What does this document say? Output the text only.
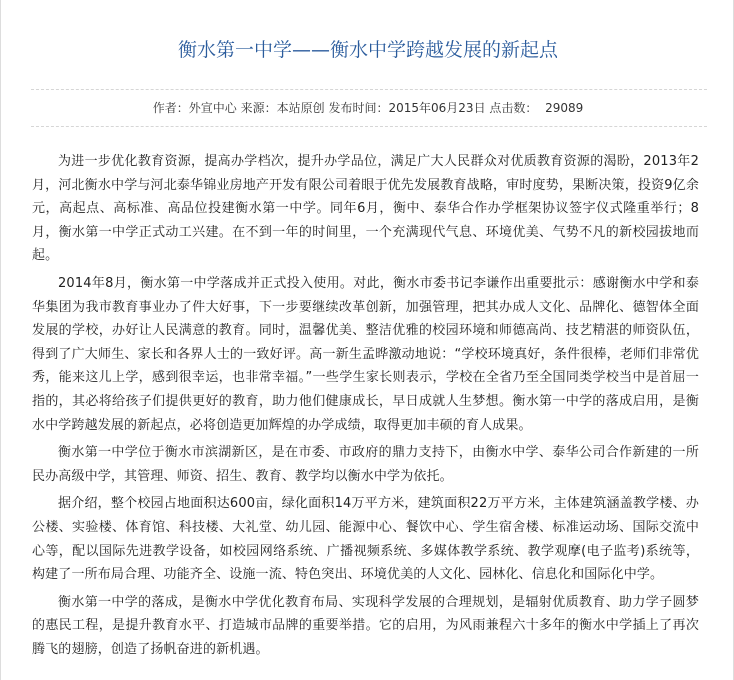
衡水第一中学——衡水中学跨越发展的新起点
作者：外宣中心 来源：本站原创 发布时间：2015年06月23日 点击数： 29089

为进一步优化教育资源，提高办学档次，提升办学品位，满足广大人民群众对优质教育资源的渴盼，2013年2月，河北衡水中学与河北泰华锦业房地产开发有限公司着眼于优先发展教育战略，审时度势，果断决策，投资9亿余元，高起点、高标准、高品位投建衡水第一中学。同年6月，衡中、泰华合作办学框架协议签字仪式隆重举行；8月，衡水第一中学正式动工兴建。在不到一年的时间里，一个充满现代气息、环境优美、气势不凡的新校园拔地而起。

2014年8月，衡水第一中学落成并正式投入使用。对此，衡水市委书记李谦作出重要批示：感谢衡水中学和泰华集团为我市教育事业办了件大好事，下一步要继续改革创新，加强管理，把其办成人文化、品牌化、德智体全面发展的学校，办好让人民满意的教育。同时，温馨优美、整洁优雅的校园环境和师德高尚、技艺精湛的师资队伍，得到了广大师生、家长和各界人士的一致好评。高一新生孟晔激动地说：“学校环境真好，条件很棒，老师们非常优秀，能来这儿上学，感到很幸运，也非常幸福。”一些学生家长则表示，学校在全省乃至全国同类学校当中是首屈一指的，其必将给孩子们提供更好的教育，助力他们健康成长，早日成就人生梦想。衡水第一中学的落成启用，是衡水中学跨越发展的新起点，必将创造更加辉煌的办学成绩，取得更加丰硕的育人成果。

衡水第一中学位于衡水市滨湖新区，是在市委、市政府的鼎力支持下，由衡水中学、泰华公司合作新建的一所民办高级中学，其管理、师资、招生、教育、教学均以衡水中学为依托。

据介绍，整个校园占地面积达600亩，绿化面积14万平方米，建筑面积22万平方米，主体建筑涵盖教学楼、办公楼、实验楼、体育馆、科技楼、大礼堂、幼儿园、能源中心、餐饮中心、学生宿舍楼、标准运动场、国际交流中心等，配以国际先进教学设备，如校园网络系统、广播视频系统、多媒体教学系统、教学观摩(电子监考)系统等，构建了一所布局合理、功能齐全、设施一流、特色突出、环境优美的人文化、园林化、信息化和国际化中学。

衡水第一中学的落成，是衡水中学优化教育布局、实现科学发展的合理规划，是辐射优质教育、助力学子圆梦的惠民工程，是提升教育水平、打造城市品牌的重要举措。它的启用，为风雨兼程六十多年的衡水中学插上了再次腾飞的翅膀，创造了扬帆奋进的新机遇。
